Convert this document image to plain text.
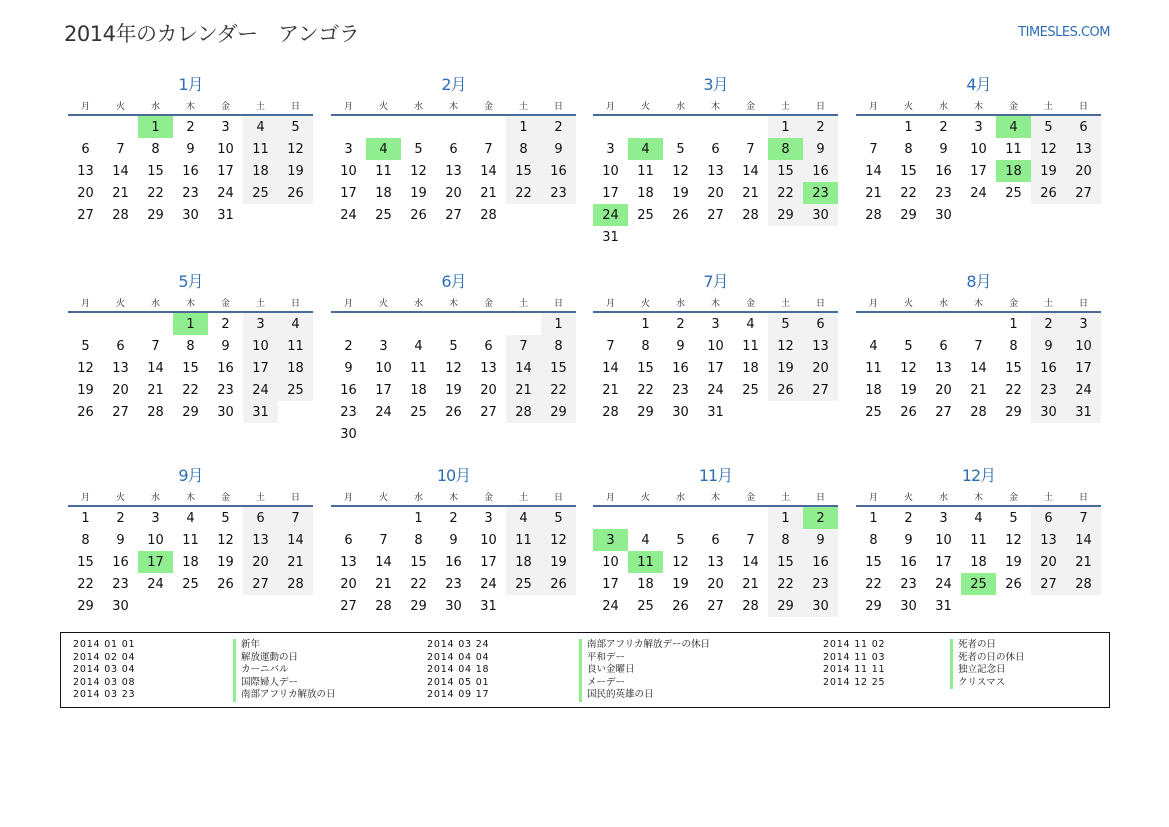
2014年のカレンダー　アンゴラ	TIMESLES.COM
1月
月	火	水	木	金	土	日
		1	2	3	4	5
6	7	8	9	10	11	12
13	14	15	16	17	18	19
20	21	22	23	24	25	26
27	28	29	30	31		
2月
月	火	水	木	金	土	日
					1	2
3	4	5	6	7	8	9
10	11	12	13	14	15	16
17	18	19	20	21	22	23
24	25	26	27	28		
3月
月	火	水	木	金	土	日
					1	2
3	4	5	6	7	8	9
10	11	12	13	14	15	16
17	18	19	20	21	22	23
24	25	26	27	28	29	30
31						
4月
月	火	水	木	金	土	日
	1	2	3	4	5	6
7	8	9	10	11	12	13
14	15	16	17	18	19	20
21	22	23	24	25	26	27
28	29	30				
5月
月	火	水	木	金	土	日
			1	2	3	4
5	6	7	8	9	10	11
12	13	14	15	16	17	18
19	20	21	22	23	24	25
26	27	28	29	30	31	
6月
月	火	水	木	金	土	日
						1
2	3	4	5	6	7	8
9	10	11	12	13	14	15
16	17	18	19	20	21	22
23	24	25	26	27	28	29
30						
7月
月	火	水	木	金	土	日
	1	2	3	4	5	6
7	8	9	10	11	12	13
14	15	16	17	18	19	20
21	22	23	24	25	26	27
28	29	30	31			
8月
月	火	水	木	金	土	日
				1	2	3
4	5	6	7	8	9	10
11	12	13	14	15	16	17
18	19	20	21	22	23	24
25	26	27	28	29	30	31
9月
月	火	水	木	金	土	日
1	2	3	4	5	6	7
8	9	10	11	12	13	14
15	16	17	18	19	20	21
22	23	24	25	26	27	28
29	30					
10月
月	火	水	木	金	土	日
		1	2	3	4	5
6	7	8	9	10	11	12
13	14	15	16	17	18	19
20	21	22	23	24	25	26
27	28	29	30	31		
11月
月	火	水	木	金	土	日
					1	2
3	4	5	6	7	8	9
10	11	12	13	14	15	16
17	18	19	20	21	22	23
24	25	26	27	28	29	30
12月
月	火	水	木	金	土	日
1	2	3	4	5	6	7
8	9	10	11	12	13	14
15	16	17	18	19	20	21
22	23	24	25	26	27	28
29	30	31				
2014 01 01	新年
2014 02 04	解放運動の日
2014 03 04	カーニバル
2014 03 08	国際婦人デー
2014 03 23	南部アフリカ解放の日
2014 03 24	南部アフリカ解放デーの休日
2014 04 04	平和デー
2014 04 18	良い金曜日
2014 05 01	メーデー
2014 09 17	国民的英雄の日
2014 11 02	死者の日
2014 11 03	死者の日の休日
2014 11 11	独立記念日
2014 12 25	クリスマス
